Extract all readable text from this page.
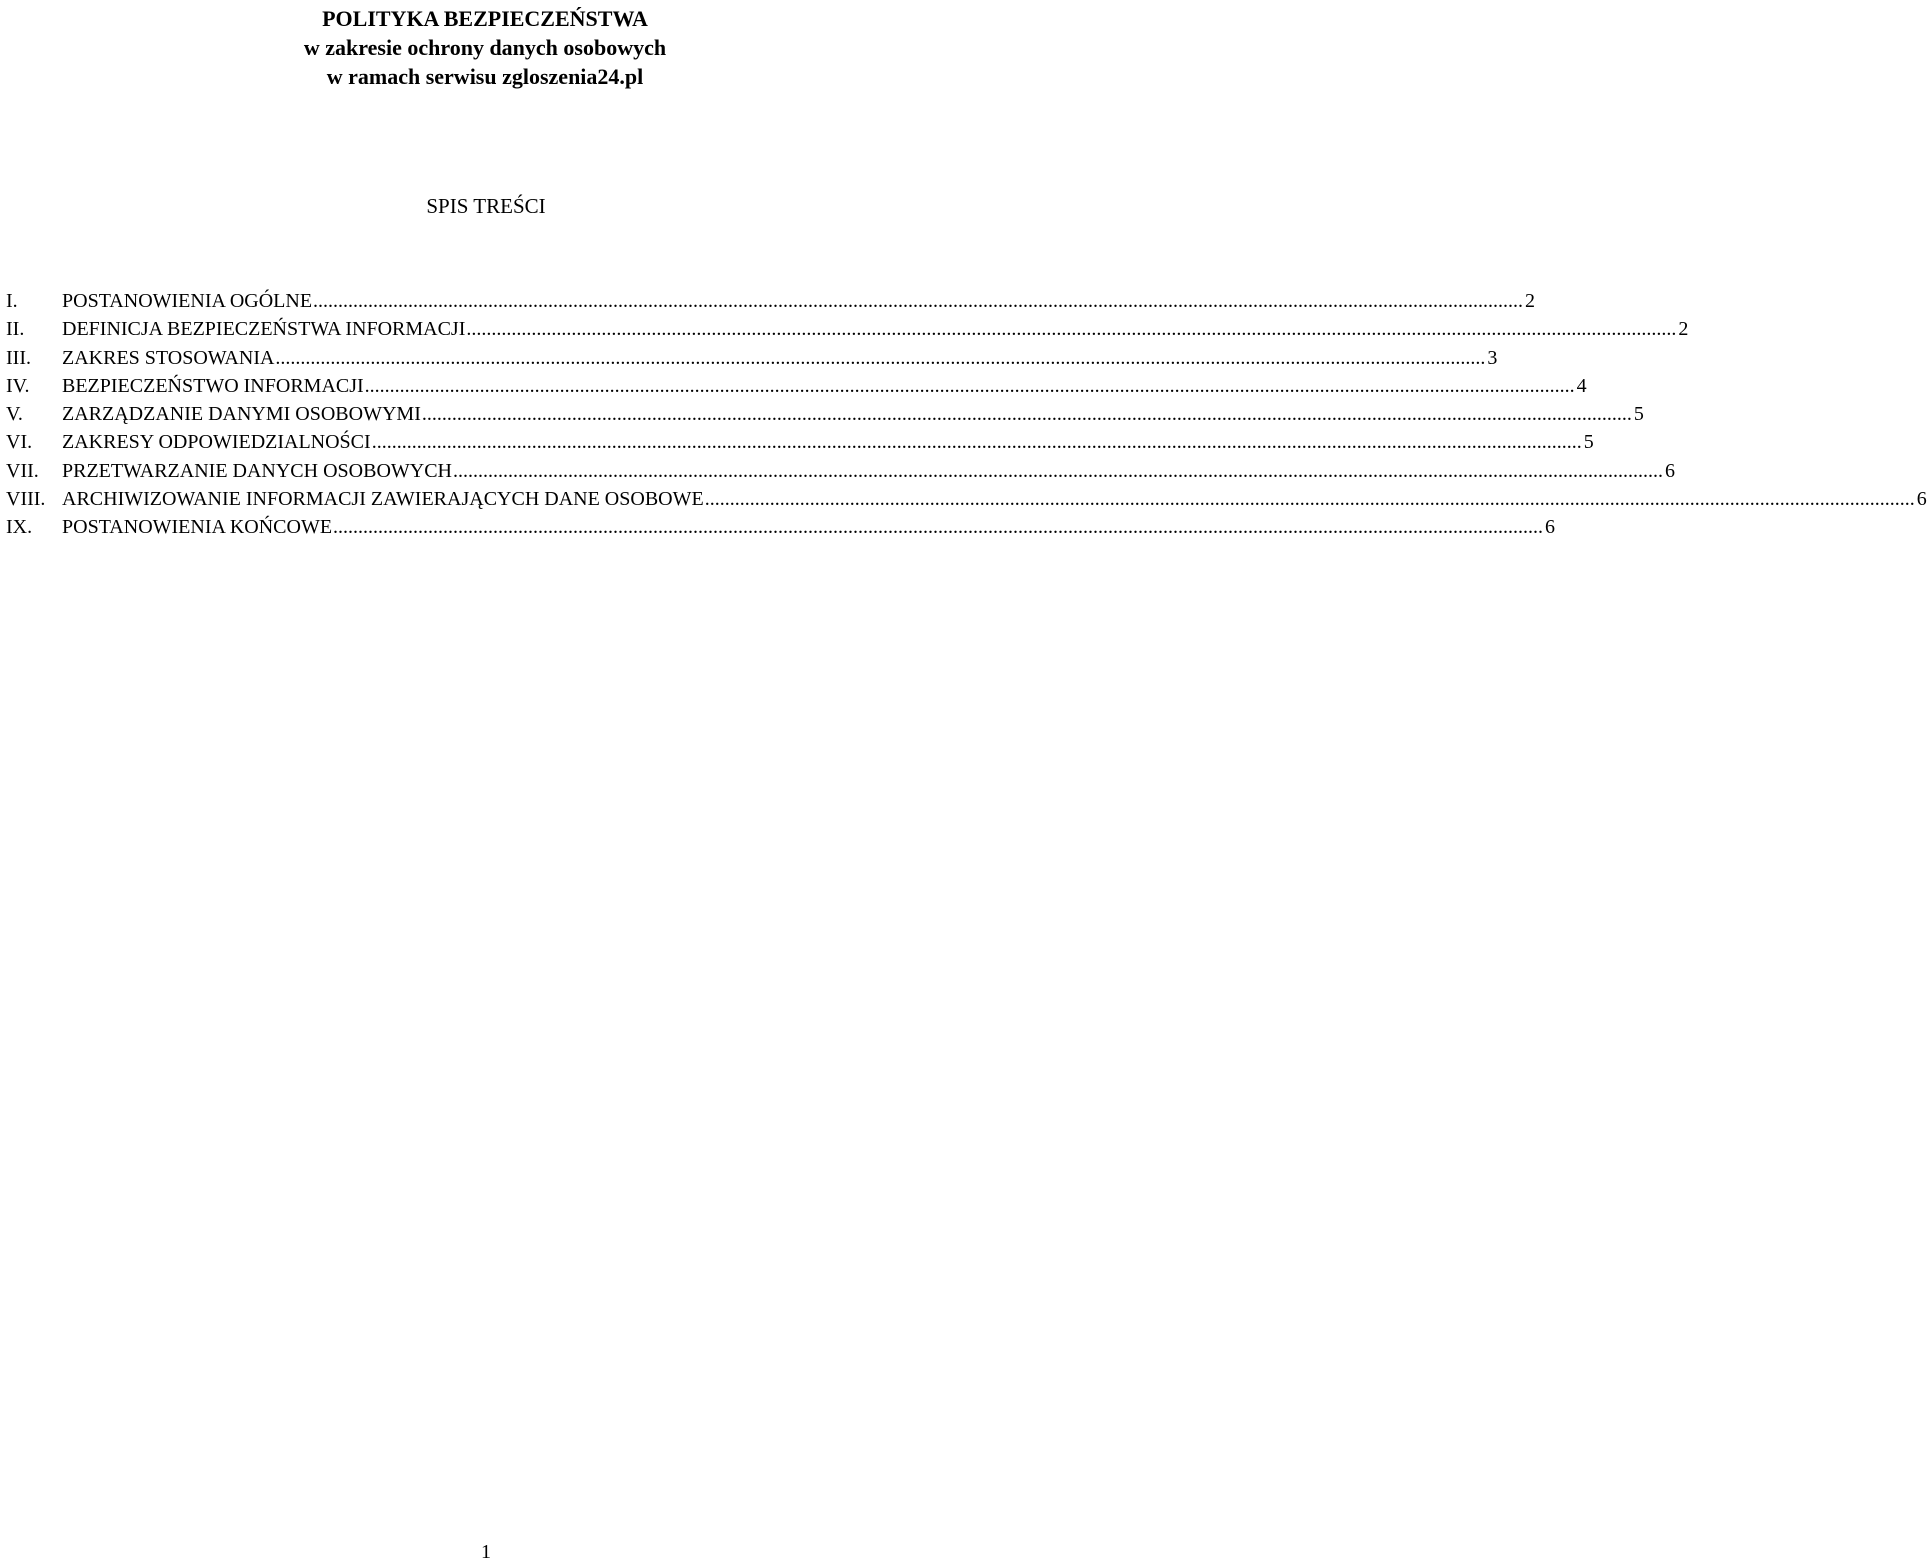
POLITYKA BEZPIECZEŃSTWA
w zakresie ochrony danych osobowych
w ramach serwisu zgloszenia24.pl
SPIS TREŚCI
I.	POSTANOWIENIA OGÓLNE .....	2
II.	DEFINICJA BEZPIECZEŃSTWA INFORMACJI .....	2
III.	ZAKRES STOSOWANIA .....	3
IV.	BEZPIECZEŃSTWO INFORMACJI .....	4
V.	ZARZĄDZANIE DANYMI OSOBOWYMI .....	5
VI.	ZAKRESY ODPOWIEDZIALNOŚCI .....	5
VII.	PRZETWARZANIE DANYCH OSOBOWYCH .....	6
VIII. ARCHIWIZOWANIE INFORMACJI ZAWIERAJĄCYCH DANE OSOBOWE .....	6
IX.	POSTANOWIENIA KOŃCOWE .....	6
1
